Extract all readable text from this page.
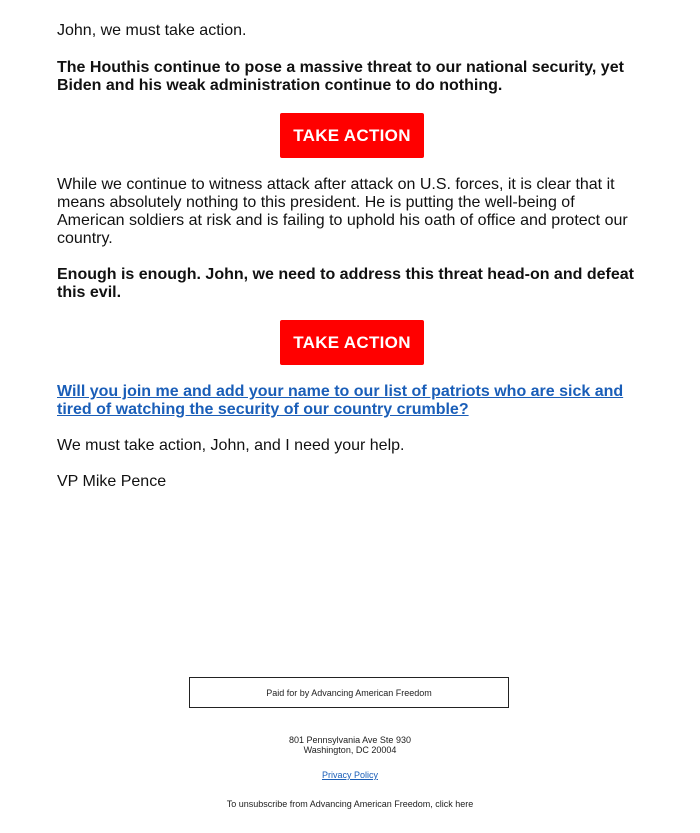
John, we must take action.

The Houthis continue to pose a massive threat to our national security, yet Biden and his weak administration continue to do nothing.

TAKE ACTION

While we continue to witness attack after attack on U.S. forces, it is clear that it means absolutely nothing to this president. He is putting the well-being of American soldiers at risk and is failing to uphold his oath of office and protect our country.

Enough is enough. John, we need to address this threat head-on and defeat this evil.

TAKE ACTION

Will you join me and add your name to our list of patriots who are sick and tired of watching the security of our country crumble?

We must take action, John, and I need your help.

VP Mike Pence

Paid for by Advancing American Freedom
801 Pennsylvania Ave Ste 930
Washington, DC 20004
Privacy Policy
To unsubscribe from Advancing American Freedom, click here
